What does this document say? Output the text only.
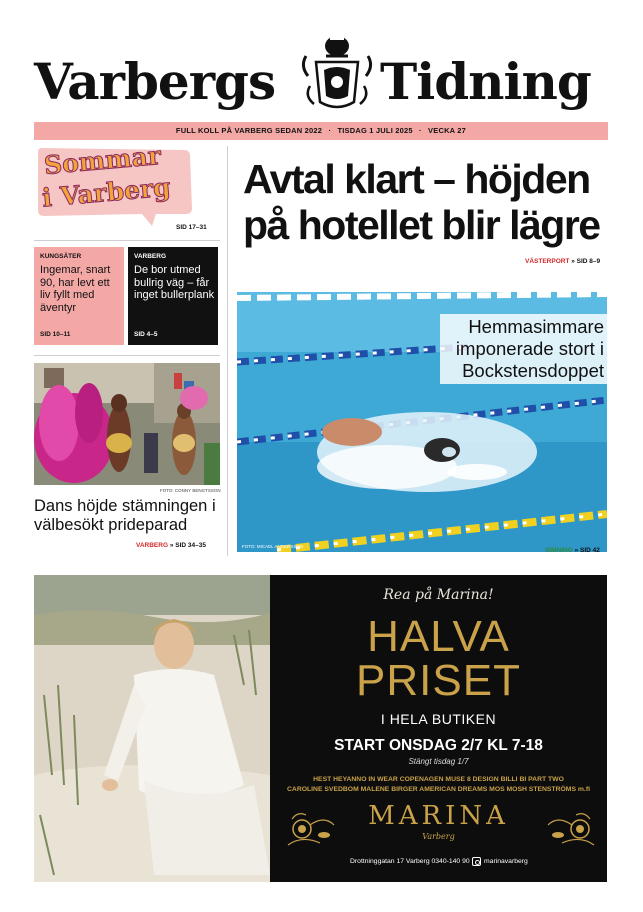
Varbergs Tidning
FULL KOLL PÅ VARBERG SEDAN 2022 · TISDAG 1 JULI 2025 · VECKA 27
Sommar
i Varberg
SID 17–31
KUNGSÄTER
Ingemar, snart 90, har levt ett liv fyllt med äventyr
SID 10–11
VARBERG
De bor utmed bullrig väg – får inget bullerplank
SID 4–5
FOTO: CONNY BENGTSSON
Dans höjde stämningen i välbesökt prideparad
VARBERG » SID 34–35
Avtal klart – höjden på hotellet blir lägre
VÄSTERPORT » SID 8–9
Hemmasimmare imponerade stort i Bockstensdoppet
FOTO: MICAEL ANDERSSON
SIMNING » SID 42
Rea på Marina!
HALVA
PRISET
I HELA BUTIKEN
START ONSDAG 2/7 KL 7-18
Stängt tisdag 1/7
HEST HEYANNO IN WEAR COPENAGEN MUSE 8 DESIGN BILLI BI PART TWO
CAROLINE SVEDBOM MALENE BIRGER AMERICAN DREAMS MOS MOSH STENSTRÖMS m.fl
MARINA
Varberg
Drottninggatan 17 Varberg 0340-140 90 marinavarberg
